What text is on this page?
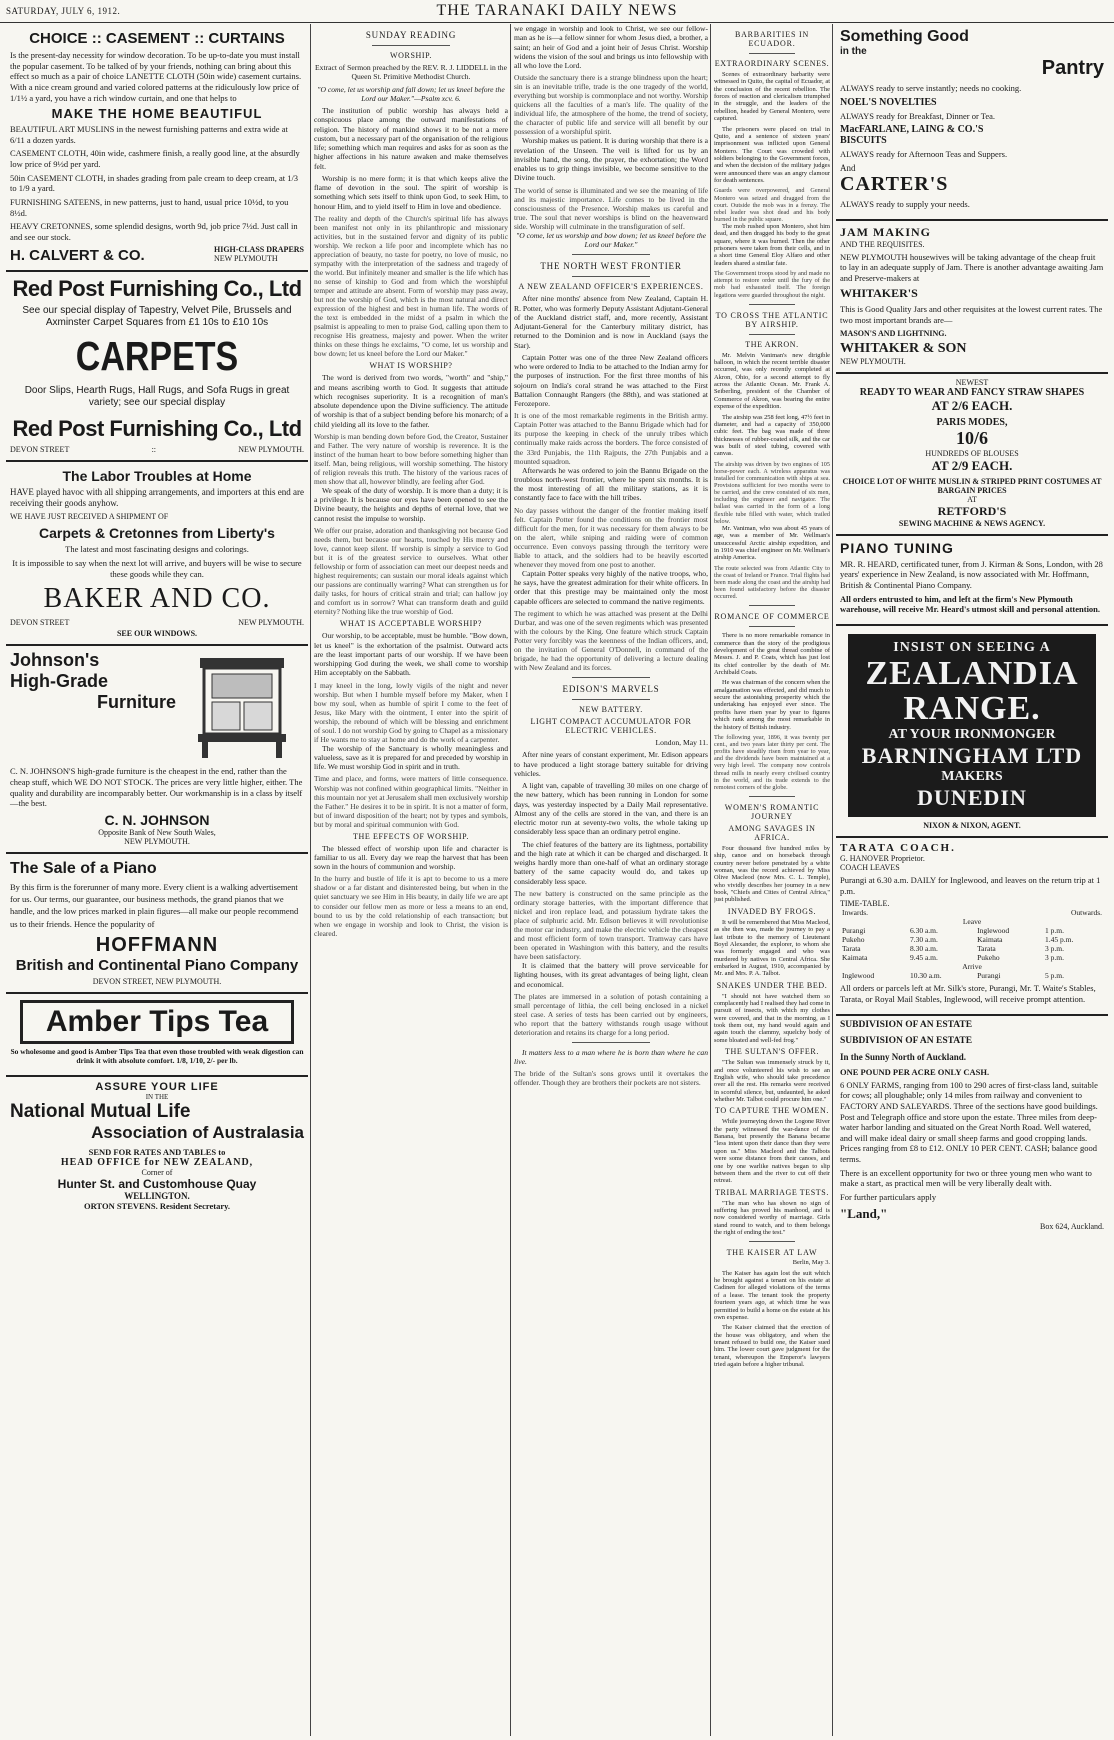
SATURDAY, JULY 6, 1912.	THE TARANAKI DAILY NEWS
CHOICE :: CASEMENT :: CURTAINS

Is the present-day necessity for window decoration. To be up-to-date you must install the popular casement. To be talked of by your friends, nothing can bring about this effect so much as a pair of choice LANETTE CLOTH (50in wide) casement curtains. With a nice cream ground and varied colored patterns at the ridiculously low price of 1/1½ a yard, you have a rich window curtain, and one that helps to

MAKE THE HOME BEAUTIFUL

BEAUTIFUL ART MUSLINS in the newest furnishing patterns and extra wide at 6/11 a dozen yards.

CASEMENT CLOTH, 40in wide, cashmere finish, a really good line, at the absurdly low price of 9½d per yard.

50in CASEMENT CLOTH, in shades grading from pale cream to deep cream, at 1/3 to 1/9 a yard.

FURNISHING SATEENS, in new patterns, just to hand, usual price 10½d, to you 8½d.

HEAVY CRETONNES, some splendid designs, worth 9d, job price 7½d. Just call in and see our stock.

H. CALVERT & CO.	HIGH-CLASS DRAPERS
NEW PLYMOUTH
Red Post Furnishing Co., Ltd

See our special display of Tapestry, Velvet Pile, Brussels and Axminster Carpet Squares from £1 10s to £10 10s

CARPETS

Door Slips, Hearth Rugs, Hall Rugs, and Sofa Rugs in great variety; see our special display

Red Post Furnishing Co., Ltd
DEVON STREET	::	NEW PLYMOUTH.
The Labor Troubles at Home

HAVE played havoc with all shipping arrangements, and importers at this end are receiving their goods anyhow.

WE HAVE JUST RECEIVED A SHIPMENT OF

Carpets & Cretonnes from Liberty's

The latest and most fascinating designs and colorings.

It is impossible to say when the next lot will arrive, and buyers will be wise to secure these goods while they can.

BAKER AND CO.
DEVON STREET	NEW PLYMOUTH.
SEE OUR WINDOWS.
Johnson's
High-Grade
Furniture

C. N. JOHNSON'S high-grade furniture is the cheapest in the end, rather than the cheap stuff, which WE DO NOT STOCK. The prices are very little higher, either. The quality and durability are incomparably better. Our workmanship is in a class by itself—the best.

C. N. JOHNSON
Opposite Bank of New South Wales,
NEW PLYMOUTH.
The Sale of a Piano

By this firm is the forerunner of many more. Every client is a walking advertisement for us. Our terms, our guarantee, our business methods, the grand pianos that we handle, and the low prices marked in plain figures—all make our people recommend us to their friends. Hence the popularity of

HOFFMANN
British and Continental Piano Company
DEVON STREET, NEW PLYMOUTH.
Amber Tips Tea

So wholesome and good is Amber Tips Tea that even those troubled with weak digestion can drink it with absolute comfort. 1/8, 1/10, 2/- per lb.

ASSURE YOUR LIFE
IN THE
National Mutual Life
Association of Australasia
SEND FOR RATES AND TABLES to
HEAD OFFICE for NEW ZEALAND,
Corner of
Hunter St. and Customhouse Quay
WELLINGTON.
ORTON STEVENS. Resident Secretary.
SUNDAY READING
WORSHIP.

Extract of Sermon preached by the REV. R. J. LIDDELL in the Queen St. Primitive Methodist Church.

"O come, let us worship and fall down; let us kneel before the Lord our Maker."—Psalm xcv. 6.

The institution of public worship has always held a conspicuous place among the outward manifestations of religion. The history of mankind shows it to be not a mere custom, but a necessary part of the organisation of the religious life; something which man requires and asks for as soon as the higher affections in his nature awaken and make themselves felt.

Worship is no mere form; it is that which keeps alive the flame of devotion in the soul. The spirit of worship is something which sets itself to think upon God, to seek Him, to honour Him, and to yield itself to Him in love and obedience.

The reality and depth of the Church's spiritual life has always been manifest not only in its philanthropic and missionary activities, but in the sustained fervor and dignity of its public worship. We reckon a life poor and incomplete which has no appreciation of beauty, no taste for poetry, no love of music, no sympathy with the interpretation of the sadness and tragedy of the world. But infinitely meaner and smaller is the life which has no sense of kinship to God and from which the worshipful temper and attitude are absent. Form of worship may pass away, but not the worship of God, which is the most natural and direct expression of the highest and best in human life. The words of the text is embedded in the midst of a psalm in which the psalmist is appealing to men to praise God, calling upon them to recognise His greatness, majesty and power. When the writer thinks on these things he exclaims, "O come, let us worship and bow down; let us kneel before the Lord our Maker."
WHAT IS WORSHIP?

The word is derived from two words, "worth" and "ship," and means ascribing worth to God. It suggests that attitude which recognises superiority. It is a recognition of man's absolute dependence upon the Divine sufficiency. The attitude of worship is that of a subject bending before his monarch; of a child yielding all its love to the father.

Worship is man bending down before God, the Creator, Sustainer and Father. The very nature of worship is reverence. It is the instinct of the human heart to bow before something higher than itself. Man, being religious, will worship something. The history of religion reveals this truth. The history of the various races of men show that all, however blindly, are feeling after God.

We speak of the duty of worship. It is more than a duty; it is a privilege. It is because our eyes have been opened to see the Divine beauty, the heights and depths of eternal love, that we cannot resist the impulse to worship.

We offer our praise, adoration and thanksgiving not because God needs them, but because our hearts, touched by His mercy and love, cannot keep silent. If worship is simply a service to God but it is of the greatest service to ourselves. What other fellowship or form of association can meet our deepest needs and highest requirements; can sustain our moral ideals against which our passions are continually warring? What can strengthen us for daily tasks, for hours of critical strain and trial; can hallow joy and comfort us in sorrow? What can transform death and guild eternity? Nothing like the true worship of God.
WHAT IS ACCEPTABLE WORSHIP?

Our worship, to be acceptable, must be humble. "Bow down, let us kneel" is the exhortation of the psalmist. Outward acts are the least important parts of our worship. If we have been worshipping God during the week, we shall come to worship Him acceptably on the Sabbath.

I may kneel in the long, lowly vigils of the night and never worship. But when I humble myself before my Maker, when I bow my soul, when as humble of spirit I come to the feet of Jesus, like Mary with the ointment, I enter into the spirit of worship, the rebound of which will be blessing and enrichment of soul. I do not worship God by going to Chapel as a missionary if He wants me to stay at home and do the work of a carpenter.

The worship of the Sanctuary is wholly meaningless and valueless, save as it is prepared for and preceded by worship in life. We must worship God in spirit and in truth.

Time and place, and forms, were matters of little consequence. Worship was not confined within geographical limits. "Neither in this mountain nor yet at Jerusalem shall men exclusively worship the Father." He desires it to be in spirit. It is not a matter of form, but of inward disposition of the heart; not by types and symbols, but by moral and spiritual communion with God.
THE EFFECTS OF WORSHIP.

The blessed effect of worship upon life and character is familiar to us all. Every day we reap the harvest that has been sown in the hours of communion and worship.

In the hurry and bustle of life it is apt to become to us a mere shadow or a far distant and disinterested being, but when in the quiet sanctuary we see Him in His beauty, in daily life we are apt to consider our fellow men as more or less a means to an end, bound to us by the cold relationship of each transaction; but when we engage in worship and look to Christ, the vision is cleared.

we engage in worship and look to Christ, we see our fellow-man as he is—a fellow sinner for whom Jesus died, a brother, a saint; an heir of God and a joint heir of Jesus Christ. Worship widens the vision of the soul and brings us into fellowship with all who love the Lord.

Outside the sanctuary there is a strange blindness upon the heart; sin is an inevitable trifle, trade is the one tragedy of the world, everything but worship is commonplace and not worthy. Worship quickens all the faculties of a man's life. The quality of the individual life, the atmosphere of the home, the trend of society, the character of public life and service will all benefit by our possession of a worshipful spirit.

Worship makes us patient. It is during worship that there is a revelation of the Unseen. The veil is lifted for us by an invisible hand, the song, the prayer, the exhortation; the Word enables us to grip things invisible, we become sensitive to the Divine touch.

The world of sense is illuminated and we see the meaning of life and its majestic importance. Life comes to be lived in the consciousness of the Presence. Worship makes us careful and true. The soul that never worships is blind on the heavenward side. Worship will culminate in the transfiguration of self.

"O come, let us worship and bow down; let us kneel before the Lord our Maker."

THE NORTH WEST FRONTIER
A NEW ZEALAND OFFICER'S EXPERIENCES.

After nine months' absence from New Zealand, Captain H. R. Potter, who was formerly Deputy Assistant Adjutant-General of the Auckland district staff, and, more recently, Assistant Adjutant-General for the Canterbury military district, has returned to the Dominion and is now in Auckland (says the Star).

Captain Potter was one of the three New Zealand officers who were ordered to India to be attached to the Indian army for the purposes of instruction. For the first three months of his sojourn on India's coral strand he was attached to the First Battalion Connaught Rangers (the 88th), and was stationed at Ferozepore.

It is one of the most remarkable regiments in the British army. Captain Potter was attached to the Bannu Brigade which had for its purpose the keeping in check of the unruly tribes which continually make raids across the borders. The force consisted of the 33rd Punjabis, the 11th Rajputs, the 27th Punjabis and a mounted squadron.

Afterwards he was ordered to join the Bannu Brigade on the troublous north-west frontier, where he spent six months. It is the most interesting of all the military stations, as it is constantly face to face with the hill tribes.

No day passes without the danger of the frontier making itself felt. Captain Potter found the conditions on the frontier most difficult for the men, for it was necessary for them always to be on the alert, while sniping and raiding were of common occurrence. Even convoys passing through the territory were liable to attack, and the soldiers had to be heavily escorted whenever they moved from one post to another.

Captain Potter speaks very highly of the native troops, who, he says, have the greatest admiration for their white officers. In order that this prestige may be maintained only the most capable officers are selected to command the native regiments.

The regiment to which he was attached was present at the Delhi Durbar, and was one of the seven regiments which was presented with the colours by the King. One feature which struck Captain Potter very forcibly was the keenness of the Indian officers, and, on the invitation of General O'Donnell, in command of the brigade, he had the opportunity of delivering a lecture dealing with New Zealand and its forces.
EDISON'S MARVELS
NEW BATTERY.
LIGHT COMPACT ACCUMULATOR FOR ELECTRIC VEHICLES.

London, May 11.

After nine years of constant experiment, Mr. Edison appears to have produced a light storage battery suitable for driving vehicles.

A light van, capable of travelling 30 miles on one charge of the new battery, which has been running in London for some days, was yesterday inspected by a Daily Mail representative. Almost any of the cells are stored in the van, and there is an electric motor run at seventy-two volts, the whole taking up considerably less space than an ordinary petrol engine.

The chief features of the battery are its lightness, portability and the high rate at which it can be charged and discharged. It weighs hardly more than one-half of what an ordinary storage battery of the same capacity would do, and takes up considerably less space.

The new battery is constructed on the same principle as the ordinary storage batteries, with the important difference that nickel and iron replace lead, and potassium hydrate takes the place of sulphuric acid. Mr. Edison believes it will revolutionise the motor car industry, and make the electric vehicle the cheapest and most efficient form of town transport. Tramway cars have been operated in Washington with this battery, and the results have been satisfactory.

It is claimed that the battery will prove serviceable for lighting houses, with its great advantages of being light, clean and economical.

The plates are immersed in a solution of potash containing a small percentage of lithia, the cell being enclosed in a nickel steel case. A series of tests has been carried out by engineers, who report that the battery withstands rough usage without deterioration and retains its charge for a long period.

It matters less to a man where he is born than where he can live.

The bride of the Sultan's sons grows until it overtakes the offender. Though they are brothers their pockets are not sisters.
BARBARITIES IN ECUADOR.
EXTRAORDINARY SCENES.

Scenes of extraordinary barbarity were witnessed in Quito, the capital of Ecuador, at the conclusion of the recent rebellion. The forces of reaction and clericalism triumphed in the struggle, and the leaders of the rebellion, headed by General Montero, were captured.

The prisoners were placed on trial in Quito, and a sentence of sixteen years' imprisonment was inflicted upon General Montero. The Court was crowded with soldiers belonging to the Government forces, and when the decision of the military judges were announced there was an angry clamour for death sentences.

Guards were overpowered, and General Montero was seized and dragged from the court. Outside the mob was in a frenzy. The rebel leader was shot dead and his body burned in the public square.

The mob rushed upon Montero, shot him dead, and then dragged his body to the great square, where it was burned. Then the other prisoners were taken from their cells, and in a short time General Eloy Alfaro and other leaders shared a similar fate.

The Government troops stood by and made no attempt to restore order until the fury of the mob had exhausted itself. The foreign legations were guarded throughout the night.
TO CROSS THE ATLANTIC BY AIRSHIP.
THE AKRON.

Mr. Melvin Vaniman's new dirigible balloon, in which the recent terrible disaster occurred, was only recently completed at Akron, Ohio, for a second attempt to fly across the Atlantic Ocean. Mr. Frank A. Seiberling, president of the Chamber of Commerce of Akron, was bearing the entire expense of the expedition.

The airship was 258 feet long, 47½ feet in diameter, and had a capacity of 350,000 cubic feet. The bag was made of three thicknesses of rubber-coated silk, and the car was built of steel tubing, covered with canvas.

The airship was driven by two engines of 105 horse-power each. A wireless apparatus was installed for communication with ships at sea. Provisions sufficient for two months were to be carried, and the crew consisted of six men, including the engineer and navigator. The ballast was carried in the form of a long flexible tube filled with water, which trailed below.

Mr. Vaniman, who was about 45 years of age, was a member of Mr. Wellman's unsuccessful Arctic airship expedition, and in 1910 was chief engineer on Mr. Wellman's airship America.

The route selected was from Atlantic City to the coast of Ireland or France. Trial flights had been made along the coast and the airship had been found satisfactory before the disaster occurred.
ROMANCE OF COMMERCE

There is no more remarkable romance in commerce than the story of the prodigious development of the great thread combine of Messrs. J. and P. Coats, which has just lost its chief controller by the death of Mr. Archibald Coats.

He was chairman of the concern when the amalgamation was effected, and did much to secure the astonishing prosperity which the undertaking has enjoyed ever since. The profits have risen year by year to figures which rank among the most remarkable in the history of British industry.

The following year, 1896, it was twenty per cent., and two years later thirty per cent. The profits have steadily risen from year to year, and the dividends have been maintained at a very high level. The company now controls thread mills in nearly every civilised country in the world, and its trade extends to the remotest corners of the globe.
WOMEN'S ROMANTIC JOURNEY
AMONG SAVAGES IN AFRICA.

Four thousand five hundred miles by ship, canoe and on horseback through country never before penetrated by a white woman, was the record achieved by Miss Olive Macleod (now Mrs. C. L. Temple), who vividly describes her journey in a new book, "Chiefs and Cities of Central Africa," just published.

INVADED BY FROGS.

It will be remembered that Miss Macleod, as she then was, made the journey to pay a last tribute to the memory of Lieutenant Boyd Alexander, the explorer, to whom she was formerly engaged and who was murdered by natives in Central Africa. She embarked in August, 1910, accompanied by Mr. and Mrs. P. A. Talbot.

SNAKES UNDER THE BED.

"I should not have watched them so complacently had I realised they had come in pursuit of insects, with which my clothes were covered, and that in the morning, as I took them out, my hand would again and again touch the clammy, squelchy body of some bloated and well-fed frog."

THE SULTAN'S OFFER.

"The Sultan was immensely struck by it, and once volunteered his wish to see an English wife, who should take precedence over all the rest. His remarks were received in scornful silence, but, undaunted, he asked whether Mr. Talbot could procure him one."

TO CAPTURE THE WOMEN.

While journeying down the Logone River the party witnessed the war-dance of the Banana, but presently the Banana became "less intent upon their dance than they were upon us." Miss Macleod and the Talbots were some distance from their canoes, and one by one warlike natives began to slip between them and the river to cut off their retreat.

TRIBAL MARRIAGE TESTS.

"The man who has shown no sign of suffering has proved his manhood, and is now considered worthy of marriage. Girls stand round to watch, and to them belongs the right of ending the test."

THE KAISER AT LAW

Berlin, May 3.

The Kaiser has again lost the suit which he brought against a tenant on his estate at Cadinen for alleged violations of the terms of a lease. The tenant took the property fourteen years ago, at which time he was permitted to build a home on the estate at his own expense.

The Kaiser claimed that the erection of the house was obligatory, and when the tenant refused to build one, the Kaiser sued him. The lower court gave judgment for the tenant, whereupon the Emperor's lawyers tried again before a higher tribunal.

Something Good
in the
Pantry

ALWAYS ready to serve instantly; needs no cooking.

NOEL'S NOVELTIES

ALWAYS ready for Breakfast, Dinner or Tea.

MacFARLANE, LAING & CO.'S
BISCUITS

ALWAYS ready for Afternoon Teas and Suppers.

And
CARTER'S

ALWAYS ready to supply your needs.

JAM MAKING
AND THE REQUISITES.

NEW PLYMOUTH housewives will be taking advantage of the cheap fruit to lay in an adequate supply of Jam. There is another advantage awaiting Jam and Preserve-makers at

WHITAKER'S

This is Good Quality Jars and other requisites at the lowest current rates. The two most important brands are—

MASON'S AND LIGHTNING.
WHITAKER & SON
NEW PLYMOUTH.
NEWEST
READY TO WEAR AND FANCY STRAW SHAPES
AT 2/6 EACH.
PARIS MODES,
10/6
HUNDREDS OF BLOUSES
AT 2/9 EACH.
CHOICE LOT OF WHITE MUSLIN & STRIPED PRINT COSTUMES AT BARGAIN PRICES
AT
RETFORD'S
SEWING MACHINE & NEWS AGENCY.
PIANO TUNING

MR. R. HEARD, certificated tuner, from J. Kirman & Sons, London, with 28 years' experience in New Zealand, is now associated with Mr. Hoffmann, British & Continental Piano Company.

All orders entrusted to him, and left at the firm's New Plymouth warehouse, will receive Mr. Heard's utmost skill and personal attention.

INSIST ON SEEING A
ZEALANDIA RANGE.
AT YOUR IRONMONGER
BARNINGHAM LTD
MAKERS
DUNEDIN
NIXON & NIXON, AGENT.
TARATA COACH.
G. HANOVER Proprietor.
COACH LEAVES

Purangi at 6.30 a.m. DAILY for Inglewood, and leaves on the return trip at 1 p.m.

TIME-TABLE.
Inwards.		Outwards.	
Leave			
Purangi	6.30 a.m.	Inglewood	1 p.m.
Pukeho	7.30 a.m.	Kaimata	1.45 p.m.
Tarata	8.30 a.m.	Tarata	3 p.m.
Kaimata	9.45 a.m.	Pukeho	3 p.m.
Arrive			
Inglewood	10.30 a.m.	Purangi	5 p.m.

All orders or parcels left at Mr. Silk's store, Purangi, Mr. T. Waite's Stables, Tarata, or Royal Mail Stables, Inglewood, will receive prompt attention.

SUBDIVISION OF AN ESTATE
SUBDIVISION OF AN ESTATE
In the Sunny North of Auckland.
ONE POUND PER ACRE ONLY CASH.

6 ONLY FARMS, ranging from 100 to 290 acres of first-class land, suitable for cows; all ploughable; only 14 miles from railway and convenient to FACTORY AND SALEYARDS. Three of the sections have good buildings. Post and Telegraph office and store upon the estate. Three miles from deep-water harbor landing and situated on the Great North Road. Well watered, and will make ideal dairy or small sheep farms and good cropping lands. Prices ranging from £8 to £12. ONLY 10 PER CENT. CASH; balance good terms.

There is an excellent opportunity for two or three young men who want to make a start, as practical men will be very liberally dealt with.

For further particulars apply

"Land,"
Box 624, Auckland.
